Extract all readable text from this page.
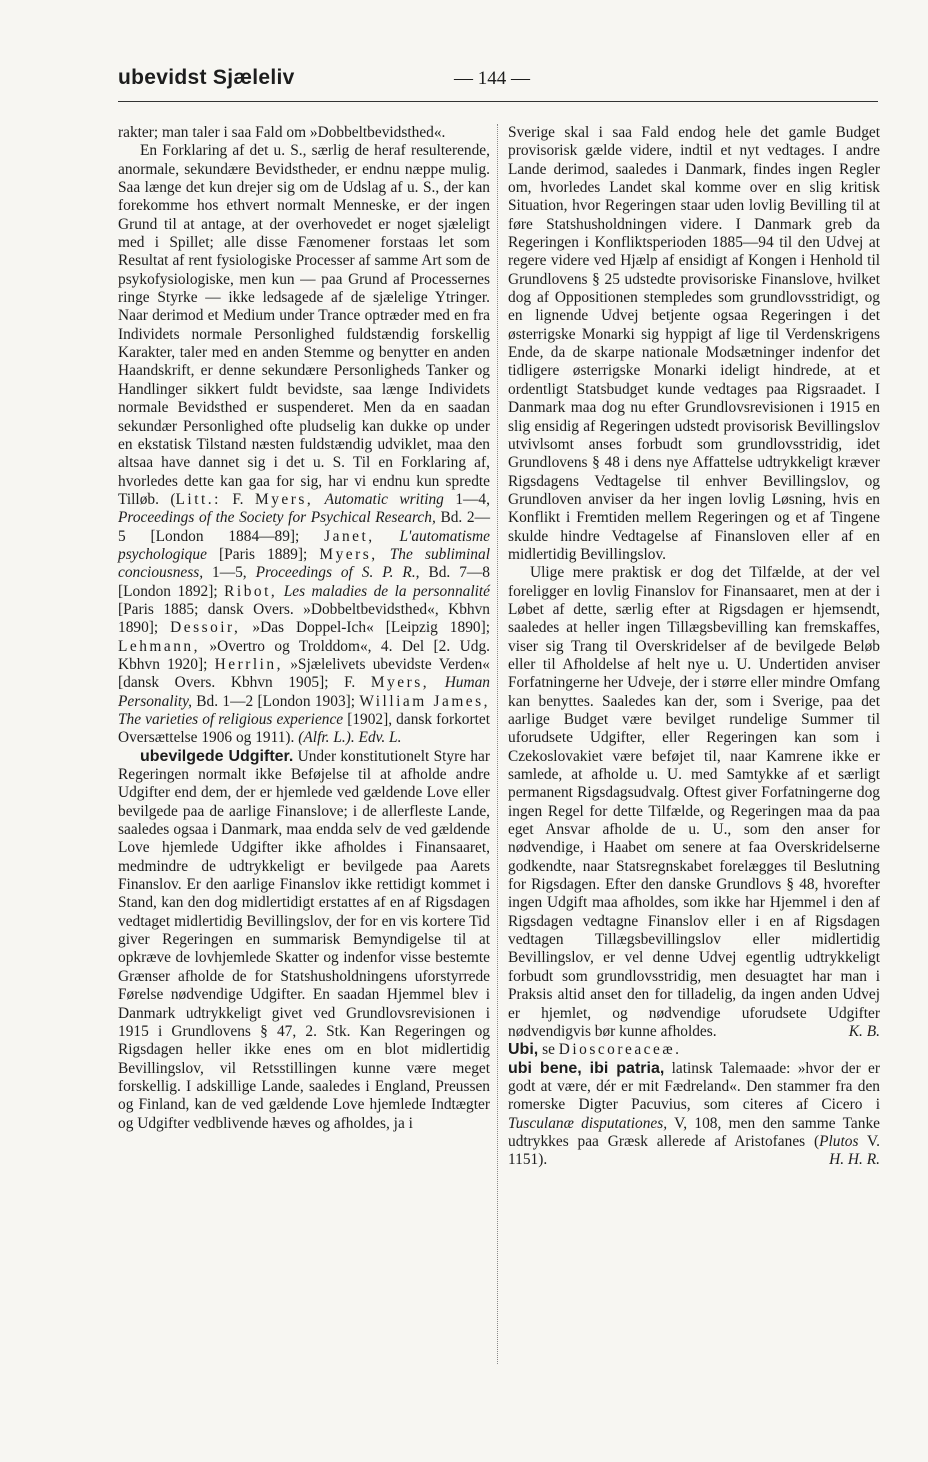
ubevidst Sjæleliv	— 144 —

rakter; man taler i saa Fald om »Dobbeltbevidsthed«.

En Forklaring af det u. S., særlig de heraf resulterende, anormale, sekundære Bevidstheder, er endnu næppe mulig. Saa længe det kun drejer sig om de Udslag af u. S., der kan forekomme hos ethvert normalt Menneske, er der ingen Grund til at antage, at der overhovedet er noget sjæleligt med i Spillet; alle disse Fænomener forstaas let som Resultat af rent fysiologiske Processer af samme Art som de psykofysiologiske, men kun — paa Grund af Processernes ringe Styrke — ikke ledsagede af de sjælelige Ytringer. Naar derimod et Medium under Trance optræder med en fra Individets normale Personlighed fuldstændig forskellig Karakter, taler med en anden Stemme og benytter en anden Haandskrift, er denne sekundære Personligheds Tanker og Handlinger sikkert fuldt bevidste, saa længe Individets normale Bevidsthed er suspenderet. Men da en saadan sekundær Personlighed ofte pludselig kan dukke op under en ekstatisk Tilstand næsten fuldstændig udviklet, maa den altsaa have dannet sig i det u. S. Til en Forklaring af, hvorledes dette kan gaa for sig, har vi endnu kun spredte Tilløb. (Litt.: F. Myers, Automatic writing 1—4, Proceedings of the Society for Psychical Research, Bd. 2—5 [London 1884—89]; Janet, L'automatisme psychologique [Paris 1889]; Myers, The subliminal conciousness, 1—5, Proceedings of S. P. R., Bd. 7—8 [London 1892]; Ribot, Les maladies de la personnalité [Paris 1885; dansk Overs. »Dobbeltbevidsthed«, Kbhvn 1890]; Dessoir, »Das Doppel-Ich« [Leipzig 1890]; Lehmann, »Overtro og Trolddom«, 4. Del [2. Udg. Kbhvn 1920]; Herrlin, »Sjælelivets ubevidste Verden« [dansk Overs. Kbhvn 1905]; F. Myers, Human Personality, Bd. 1—2 [London 1903]; William James, The varieties of religious experience [1902], dansk forkortet Oversættelse 1906 og 1911). (Alfr. L.). Edv. L.

ubevilgede Udgifter. Under konstitutionelt Styre har Regeringen normalt ikke Beføjelse til at afholde andre Udgifter end dem, der er hjemlede ved gældende Love eller bevilgede paa de aarlige Finanslove; i de allerfleste Lande, saaledes ogsaa i Danmark, maa endda selv de ved gældende Love hjemlede Udgifter ikke afholdes i Finansaaret, medmindre de udtrykkeligt er bevilgede paa Aarets Finanslov. Er den aarlige Finanslov ikke rettidigt kommet i Stand, kan den dog midlertidigt erstattes af en af Rigsdagen vedtaget midlertidig Bevillingslov, der for en vis kortere Tid giver Regeringen en summarisk Bemyndigelse til at opkræve de lovhjemlede Skatter og indenfor visse bestemte Grænser afholde de for Statshusholdningens uforstyrrede Førelse nødvendige Udgifter. En saadan Hjemmel blev i Danmark udtrykkeligt givet ved Grundlovsrevisionen i 1915 i Grundlovens § 47, 2. Stk. Kan Regeringen og Rigsdagen heller ikke enes om en blot midlertidig Bevillingslov, vil Retsstillingen kunne være meget forskellig. I adskillige Lande, saaledes i England, Preussen og Finland, kan de ved gældende Love hjemlede Indtægter og Udgifter vedblivende hæves og afholdes, ja i

Sverige skal i saa Fald endog hele det gamle Budget provisorisk gælde videre, indtil et nyt vedtages. I andre Lande derimod, saaledes i Danmark, findes ingen Regler om, hvorledes Landet skal komme over en slig kritisk Situation, hvor Regeringen staar uden lovlig Bevilling til at føre Statshusholdningen videre. I Danmark greb da Regeringen i Konfliktsperioden 1885—94 til den Udvej at regere videre ved Hjælp af ensidigt af Kongen i Henhold til Grundlovens § 25 udstedte provisoriske Finanslove, hvilket dog af Oppositionen stempledes som grundlovsstridigt, og en lignende Udvej betjente ogsaa Regeringen i det østerrigske Monarki sig hyppigt af lige til Verdenskrigens Ende, da de skarpe nationale Modsætninger indenfor det tidligere østerrigske Monarki ideligt hindrede, at et ordentligt Statsbudget kunde vedtages paa Rigsraadet. I Danmark maa dog nu efter Grundlovsrevisionen i 1915 en slig ensidig af Regeringen udstedt provisorisk Bevillingslov utvivlsomt anses forbudt som grundlovsstridig, idet Grundlovens § 48 i dens nye Affattelse udtrykkeligt kræver Rigsdagens Vedtagelse til enhver Bevillingslov, og Grundloven anviser da her ingen lovlig Løsning, hvis en Konflikt i Fremtiden mellem Regeringen og et af Tingene skulde hindre Vedtagelse af Finansloven eller af en midlertidig Bevillingslov.

Ulige mere praktisk er dog det Tilfælde, at der vel foreligger en lovlig Finanslov for Finansaaret, men at der i Løbet af dette, særlig efter at Rigsdagen er hjemsendt, saaledes at heller ingen Tillægsbevilling kan fremskaffes, viser sig Trang til Overskridelser af de bevilgede Beløb eller til Afholdelse af helt nye u. U. Undertiden anviser Forfatningerne her Udveje, der i større eller mindre Omfang kan benyttes. Saaledes kan der, som i Sverige, paa det aarlige Budget være bevilget rundelige Summer til uforudsete Udgifter, eller Regeringen kan som i Czekoslovakiet være beføjet til, naar Kamrene ikke er samlede, at afholde u. U. med Samtykke af et særligt permanent Rigsdagsudvalg. Oftest giver Forfatningerne dog ingen Regel for dette Tilfælde, og Regeringen maa da paa eget Ansvar afholde de u. U., som den anser for nødvendige, i Haabet om senere at faa Overskridelserne godkendte, naar Statsregnskabet forelægges til Beslutning for Rigsdagen. Efter den danske Grundlovs § 48, hvorefter ingen Udgift maa afholdes, som ikke har Hjemmel i den af Rigsdagen vedtagne Finanslov eller i en af Rigsdagen vedtagen Tillægsbevillingslov eller midlertidig Bevillingslov, er vel denne Udvej egentlig udtrykkeligt forbudt som grundlovsstridig, men desuagtet har man i Praksis altid anset den for tilladelig, da ingen anden Udvej er hjemlet, og nødvendige uforudsete Udgifter nødvendigvis bør kunne afholdes.	K. B.

Ubi, se Dioscoreaceæ.

ubi bene, ibi patria, latinsk Talemaade: »hvor der er godt at være, dér er mit Fædreland«. Den stammer fra den romerske Digter Pacuvius, som citeres af Cicero i Tusculanæ disputationes, V, 108, men den samme Tanke udtrykkes paa Græsk allerede af Aristofanes (Plutos V. 1151).	H. H. R.
